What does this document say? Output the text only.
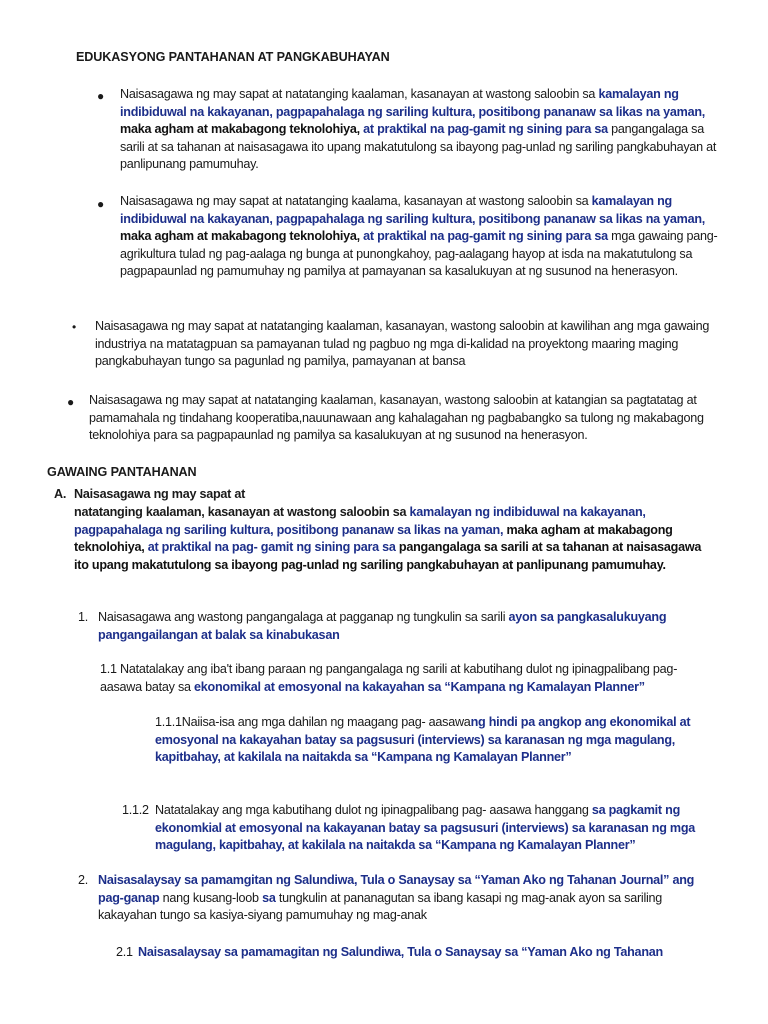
EDUKASYONG PANTAHANAN AT PANGKABUHAYAN
● Naisasagawa ng may sapat at natatanging kaalaman, kasanayan at wastong saloobin sa kamalayan ng indibiduwal na kakayanan, pagpapahalaga ng sariling kultura, positibong pananaw sa likas na yaman, maka agham at makabagong teknolohiya, at praktikal na pag-gamit ng sining para sa pangangalaga sa sarili at sa tahanan at naisasagawa ito upang makatutulong sa ibayong pag-unlad ng sariling pangkabuhayan at panlipunang pamumuhay.
● Naisasagawa ng may sapat at natatanging kaalama, kasanayan at wastong saloobin sa kamalayan ng indibiduwal na kakayanan, pagpapahalaga ng sariling kultura, positibong pananaw sa likas na yaman, maka agham at makabagong teknolohiya, at praktikal na pag-gamit ng sining para sa mga gawaing pang- agrikultura tulad ng pag-aalaga ng bunga at punongkahoy, pag-aalagang hayop at isda na makatutulong sa pagpapaunlad ng pamumuhay ng pamilya at pamayanan sa kasalukuyan at ng susunod na henerasyon.
• Naisasagawa ng may sapat at natatanging kaalaman, kasanayan, wastong saloobin at kawilihan ang mga gawaing industriya na matatagpuan sa pamayanan tulad ng pagbuo ng mga di-kalidad na proyektong maaring maging pangkabuhayan tungo sa pagunlad ng pamilya, pamayanan at bansa
● Naisasagawa ng may sapat at natatanging kaalaman, kasanayan, wastong saloobin at katangian sa pagtatatag at pamamahala ng tindahang kooperatiba,nauunawaan ang kahalagahan ng pagbabangko sa tulong ng makabagong teknolohiya para sa pagpapaunlad ng pamilya sa kasalukuyan at ng susunod na henerasyon.
GAWAING PANTAHANAN
A. Naisasagawa ng may sapat at
natatanging kaalaman, kasanayan at wastong saloobin sa kamalayan ng indibiduwal na kakayanan, pagpapahalaga ng sariling kultura, positibong pananaw sa likas na yaman, maka agham at makabagong teknolohiya, at praktikal na pag- gamit ng sining para sa pangangalaga sa sarili at sa tahanan at naisasagawa ito upang makatutulong sa ibayong pag-unlad ng sariling pangkabuhayan at panlipunang pamumuhay.
1. Naisasagawa ang wastong pangangalaga at pagganap ng tungkulin sa sarili ayon sa pangkasalukuyang pangangailangan at balak sa kinabukasan
1.1 Natatalakay ang iba't ibang paraan ng pangangalaga ng sarili at kabutihang dulot ng ipinagpalibang pag-aasawa batay sa ekonomikal at emosyonal na kakayahan sa “Kampana ng Kamalayan Planner”
1.1.1Naiisa-isa ang mga dahilan ng maagang pag- aasawang hindi pa angkop ang ekonomikal at emosyonal na kakayahan batay sa pagsusuri (interviews) sa karanasan ng mga magulang, kapitbahay, at kakilala na naitakda sa “Kampana ng Kamalayan Planner”
1.1.2 Natatalakay ang mga kabutihang dulot ng ipinagpalibang pag- aasawa hanggang sa pagkamit ng ekonomkial at emosyonal na kakayanan batay sa pagsusuri (interviews) sa karanasan ng mga magulang, kapitbahay, at kakilala na naitakda sa “Kampana ng Kamalayan Planner”
2. Naisasalaysay sa pamamgitan ng Salundiwa, Tula o Sanaysay sa “Yaman Ako ng Tahanan Journal” ang pag-ganap nang kusang-loob sa tungkulin at pananagutan sa ibang kasapi ng mag-anak ayon sa sariling kakayahan tungo sa kasiya-siyang pamumuhay ng mag-anak
2.1 Naisasalaysay sa pamamagitan ng Salundiwa, Tula o Sanaysay sa “Yaman Ako ng Tahanan
